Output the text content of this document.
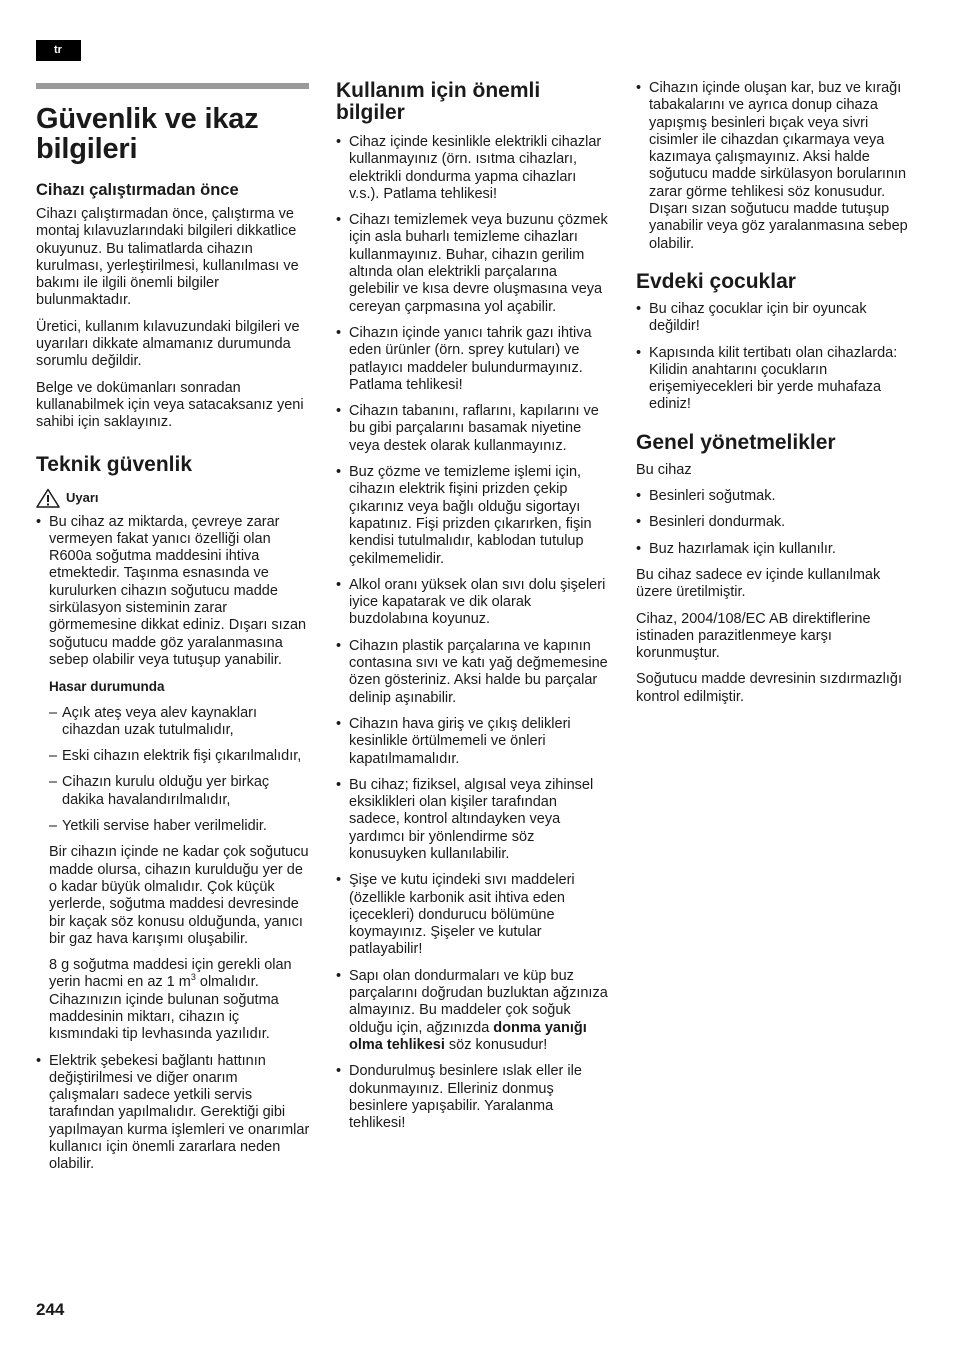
tr
Güvenlik ve ikaz bilgileri
Cihazı çalıştırmadan önce

Cihazı çalıştırmadan önce, çalıştırma ve montaj kılavuzlarındaki bilgileri dikkatlice okuyunuz. Bu talimatlarda cihazın kurulması, yerleştirilmesi, kullanılması ve bakımı ile ilgili önemli bilgiler bulunmaktadır.

Üretici, kullanım kılavuzundaki bilgileri ve uyarıları dikkate almamanız durumunda sorumlu değildir.

Belge ve dokümanları sonradan kullanabilmek için veya satacaksanız yeni sahibi için saklayınız.

Teknik güvenlik
Uyarı
• Bu cihaz az miktarda, çevreye zarar vermeyen fakat yanıcı özelliği olan R600a soğutma maddesini ihtiva etmektedir. Taşınma esnasında ve kurulurken cihazın soğutucu madde sirkülasyon sisteminin zarar görmemesine dikkat ediniz. Dışarı sızan soğutucu madde göz yaralanmasına sebep olabilir veya tutuşup yanabilir.
Hasar durumunda
– Açık ateş veya alev kaynakları cihazdan uzak tutulmalıdır,
– Eski cihazın elektrik fişi çıkarılmalıdır,
– Cihazın kurulu olduğu yer birkaç dakika havalandırılmalıdır,
– Yetkili servise haber verilmelidir.

Bir cihazın içinde ne kadar çok soğutucu madde olursa, cihazın kurulduğu yer de o kadar büyük olmalıdır. Çok küçük yerlerde, soğutma maddesi devresinde bir kaçak söz konusu olduğunda, yanıcı bir gaz hava karışımı oluşabilir.

8 g soğutma maddesi için gerekli olan yerin hacmi en az 1 $m^3$ olmalıdır. Cihazınızın içinde bulunan soğutma maddesinin miktarı, cihazın iç kısmındaki tip levhasında yazılıdır.

• Elektrik şebekesi bağlantı hattının değiştirilmesi ve diğer onarım çalışmaları sadece yetkili servis tarafından yapılmalıdır. Gerektiği gibi yapılmayan kurma işlemleri ve onarımlar kullanıcı için önemli zararlara neden olabilir.
Kullanım için önemli bilgiler
• Cihaz içinde kesinlikle elektrikli cihazlar kullanmayınız (örn. ısıtma cihazları, elektrikli dondurma yapma cihazları v.s.). Patlama tehlikesi!
• Cihazı temizlemek veya buzunu çözmek için asla buharlı temizleme cihazları kullanmayınız. Buhar, cihazın gerilim altında olan elektrikli parçalarına gelebilir ve kısa devre oluşmasına veya cereyan çarpmasına yol açabilir.
• Cihazın içinde yanıcı tahrik gazı ihtiva eden ürünler (örn. sprey kutuları) ve patlayıcı maddeler bulundurmayınız. Patlama tehlikesi!
• Cihazın tabanını, raflarını, kapılarını ve bu gibi parçalarını basamak niyetine veya destek olarak kullanmayınız.
• Buz çözme ve temizleme işlemi için, cihazın elektrik fişini prizden çekip çıkarınız veya bağlı olduğu sigortayı kapatınız. Fişi prizden çıkarırken, fişin kendisi tutulmalıdır, kablodan tutulup çekilmemelidir.
• Alkol oranı yüksek olan sıvı dolu şişeleri iyice kapatarak ve dik olarak buzdolabına koyunuz.
• Cihazın plastik parçalarına ve kapının contasına sıvı ve katı yağ değmemesine özen gösteriniz. Aksi halde bu parçalar delinip aşınabilir.
• Cihazın hava giriş ve çıkış delikleri kesinlikle örtülmemeli ve önleri kapatılmamalıdır.
• Bu cihaz; fiziksel, algısal veya zihinsel eksiklikleri olan kişiler tarafından sadece, kontrol altındayken veya yardımcı bir yönlendirme söz konusuyken kullanılabilir.
• Şişe ve kutu içindeki sıvı maddeleri (özellikle karbonik asit ihtiva eden içecekleri) dondurucu bölümüne koymayınız. Şişeler ve kutular patlayabilir!
• Sapı olan dondurmaları ve küp buz parçalarını doğrudan buzluktan ağzınıza almayınız. Bu maddeler çok soğuk olduğu için, ağzınızda donma yanığı olma tehlikesi söz konusudur!
• Dondurulmuş besinlere ıslak eller ile dokunmayınız. Elleriniz donmuş besinlere yapışabilir. Yaralanma tehlikesi!
• Cihazın içinde oluşan kar, buz ve kırağı tabakalarını ve ayrıca donup cihaza yapışmış besinleri bıçak veya sivri cisimler ile cihazdan çıkarmaya veya kazımaya çalışmayınız. Aksi halde soğutucu madde sirkülasyon borularının zarar görme tehlikesi söz konusudur. Dışarı sızan soğutucu madde tutuşup yanabilir veya göz yaralanmasına sebep olabilir.
Evdeki çocuklar
• Bu cihaz çocuklar için bir oyuncak değildir!
• Kapısında kilit tertibatı olan cihazlarda: Kilidin anahtarını çocukların erişemiyecekleri bir yerde muhafaza ediniz!
Genel yönetmelikler

Bu cihaz

• Besinleri soğutmak.
• Besinleri dondurmak.
• Buz hazırlamak için kullanılır.

Bu cihaz sadece ev içinde kullanılmak üzere üretilmiştir.

Cihaz, 2004/108/EC AB direktiflerine istinaden parazitlenmeye karşı korunmuştur.

Soğutucu madde devresinin sızdırmazlığı kontrol edilmiştir.

244
